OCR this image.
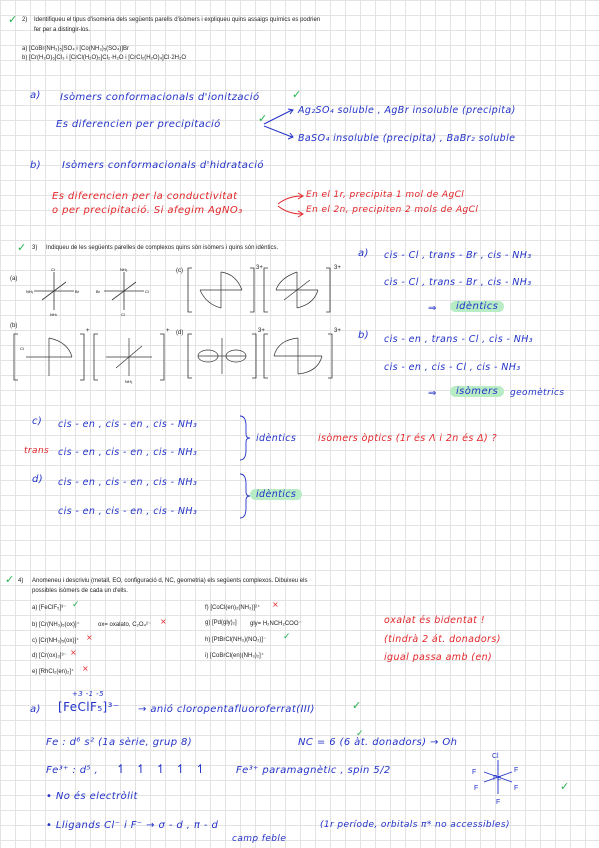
✓ 2) Identifiqueu el tipus d'isomeria dels següents parells d'isòmers i expliqueu quins assaigs químics es podrien
fer per a distingir-los.
a) [CoBr(NH₃)₅]SO₄ i [Co(NH₃)₅(SO₄)]Br
b) [Cr(H₂O)₆]Cl₃ i [CrCl(H₂O)₅]Cl₂·H₂O i [CrCl₂(H₂O)₄]Cl·2H₂O
a) Isòmers conformacionals d'ionització	✓
Es diferencien per precipitació	✓
Ag₂SO₄ soluble , AgBr insoluble (precipita)
BaSO₄ insoluble (precipita) , BaBr₂ soluble
b) Isòmers conformacionals d'hidratació
Es diferencien per la conductivitat
o per precipitació. Si afegim AgNO₃
En el 1r, precipita 1 mol de AgCl
En el 2n, precipiten 2 mols de AgCl
✓ 3) Indiqueu de les següents parelles de complexos quins són isòmers i quins són idèntics.
(a)
Cl
NH₃
NH₃	Br
NH₃
Cl
Br	Cl
(c)	3+	3+
(b)
Cl
+
NH₃
+ (d)	3+	3+
a) cis - Cl , trans - Br , cis - NH₃
cis - Cl , trans - Br , cis - NH₃
⇒	idèntics
b) cis - en , trans - Cl , cis - NH₃
cis - en , cis - Cl , cis - NH₃
⇒	isòmers	geomètrics
c) cis - en , cis - en , cis - NH₃
trans cis - en , cis - en , cis - NH₃
idèntics isòmers òptics (1r és Λ i 2n és Δ) ?
d) cis - en , cis - en , cis - NH₃
cis - en , cis - en , cis - NH₃
idèntics
✓ 4) Anomeneu i descriviu (metall, EO, configuració d, NC, geometria) els següents complexos. Dibuixeu els
possibles isòmers de cada un d'ells.
a) [FeClF₅]³⁻ ✓
b) [Cr(NH₃)₅(ox)]⁺	ox= oxalato, C₂O₄²⁻ ×
c) [Cr(NH₃)₅(ox)]⁺ ×
d) [Cr(ox)₃]³⁻ ×
e) [RhCl₂(en)₂]⁺ ×
f) [CoCl(en)₂(NH₃)]²⁺ ×
g) [Pd(gly)₂] gly= H₂NCH₂COO⁻
h) [PtBrCl(NH₃)(NO₂)]⁻ ✓
i) [CoBrCl(en)(NH₃)₂]⁺
oxalat és bidentat !
(tindrà 2 át. donadors)
igual passa amb (en)
+3 -1 -5
a) [FeClF₅]³⁻ → anió cloropentafluoroferrat(III)	✓
Fe : d⁶ s² (1a sèrie, grup 8)	NC = 6 (6 àt. donadors) → Oh
✓
Fe³⁺ : d⁵ , ↿ ↿ ↿ ↿ ↿	Fe³⁺ paramagnètic , spin 5/2
• No és electròlit
• Lligands Cl⁻ i F⁻ → σ - d , π - d	(1r període, orbitals π* no accessibles)
camp feble
Cl
Fe
F
F	F
F	F	✓
